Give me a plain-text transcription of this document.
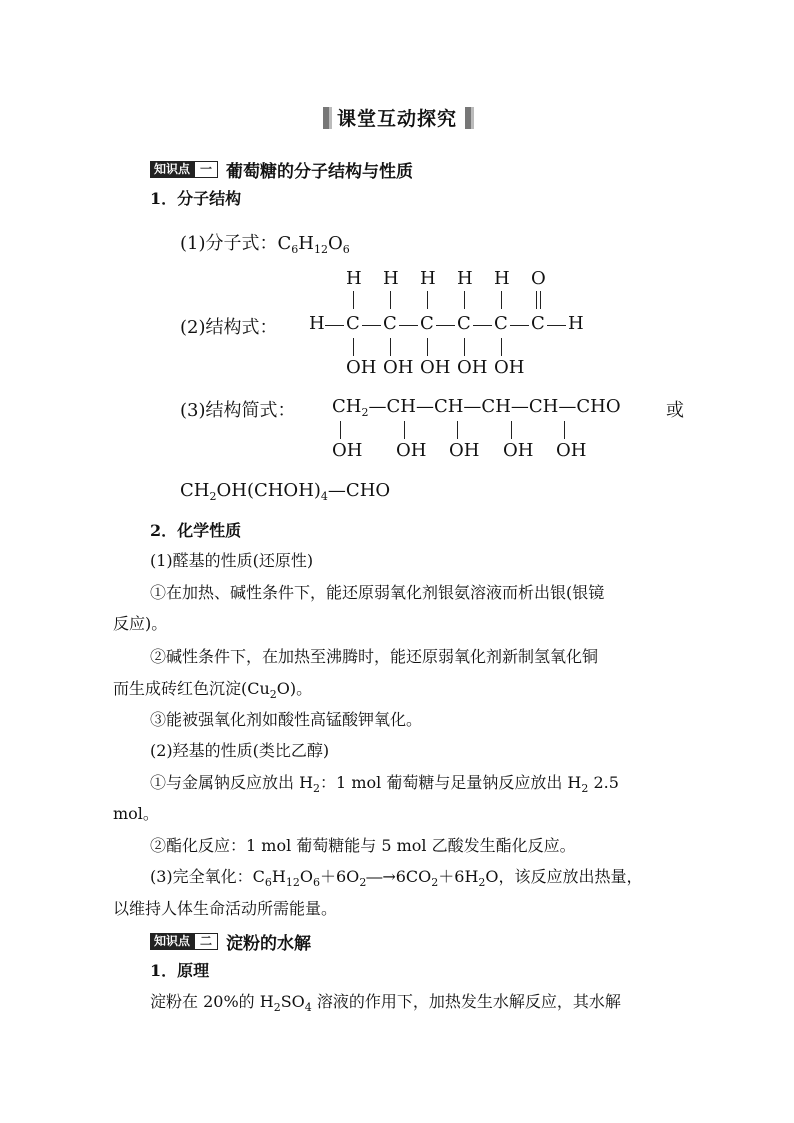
课堂互动探究
知识点 一 葡萄糖的分子结构与性质
1．分子结构
(1)分子式：$C_6H_{12}O_6$
(2)结构式： H
H
C
OH
H
C
OH
H
C
OH
H
C
OH
H
C
OH
O
C H
(3)结构简式： $CH_2—CH—CH—CH—CH—CHO$	或
OH OH OH OH OH
$CH_2OH(CHOH)_4—CHO$
2．化学性质
(1)醛基的性质(还原性)
①在加热、碱性条件下，能还原弱氧化剂银氨溶液而析出银(银镜
反应)。
②碱性条件下，在加热至沸腾时，能还原弱氧化剂新制氢氧化铜
而生成砖红色沉淀$(Cu_2O)$。
③能被强氧化剂如酸性高锰酸钾氧化。
(2)羟基的性质(类比乙醇)
①与金属钠反应放出 $H_2$：1 mol 葡萄糖与足量钠反应放出 $H_2$ 2.5
mol。
②酯化反应：1 mol 葡萄糖能与 5 mol 乙酸发生酯化反应。
(3)完全氧化：$C_6H_{12}O_6+6O_2―\to 6CO_2+6H_2O$，该反应放出热量，
以维持人体生命活动所需能量。
知识点 二 淀粉的水解
1．原理
淀粉在 20%的 $H_2SO_4$ 溶液的作用下，加热发生水解反应，其水解
